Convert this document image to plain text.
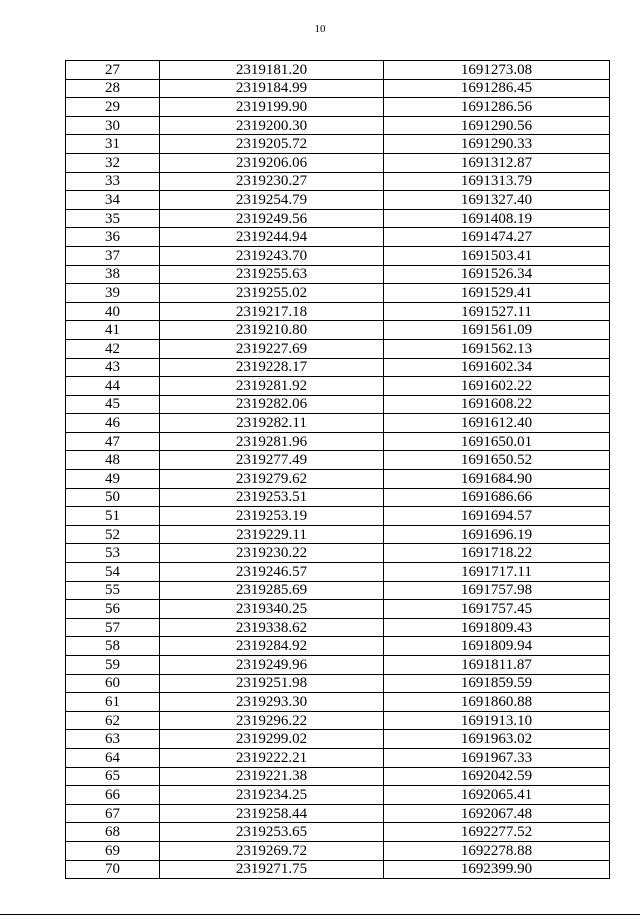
10
27	2319181.20	1691273.08
28	2319184.99	1691286.45
29	2319199.90	1691286.56
30	2319200.30	1691290.56
31	2319205.72	1691290.33
32	2319206.06	1691312.87
33	2319230.27	1691313.79
34	2319254.79	1691327.40
35	2319249.56	1691408.19
36	2319244.94	1691474.27
37	2319243.70	1691503.41
38	2319255.63	1691526.34
39	2319255.02	1691529.41
40	2319217.18	1691527.11
41	2319210.80	1691561.09
42	2319227.69	1691562.13
43	2319228.17	1691602.34
44	2319281.92	1691602.22
45	2319282.06	1691608.22
46	2319282.11	1691612.40
47	2319281.96	1691650.01
48	2319277.49	1691650.52
49	2319279.62	1691684.90
50	2319253.51	1691686.66
51	2319253.19	1691694.57
52	2319229.11	1691696.19
53	2319230.22	1691718.22
54	2319246.57	1691717.11
55	2319285.69	1691757.98
56	2319340.25	1691757.45
57	2319338.62	1691809.43
58	2319284.92	1691809.94
59	2319249.96	1691811.87
60	2319251.98	1691859.59
61	2319293.30	1691860.88
62	2319296.22	1691913.10
63	2319299.02	1691963.02
64	2319222.21	1691967.33
65	2319221.38	1692042.59
66	2319234.25	1692065.41
67	2319258.44	1692067.48
68	2319253.65	1692277.52
69	2319269.72	1692278.88
70	2319271.75	1692399.90
